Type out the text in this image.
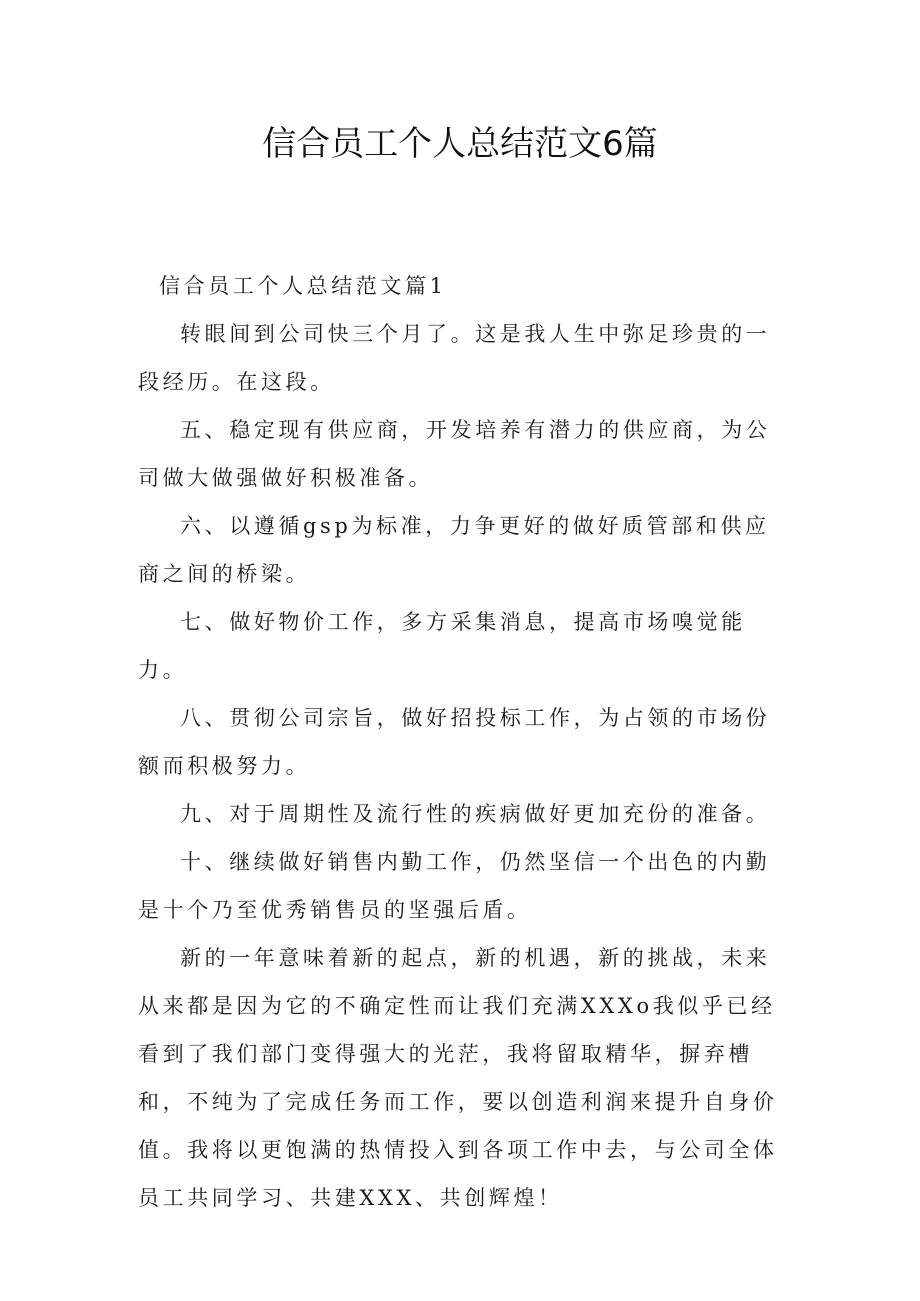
信合员工个人总结范文6篇

信合员工个人总结范文篇1

转眼间到公司快三个月了。这是我人生中弥足珍贵的一段经历。在这段。

五、稳定现有供应商，开发培养有潜力的供应商，为公司做大做强做好积极准备。

六、以遵循gsp为标准，力争更好的做好质管部和供应商之间的桥梁。

七、做好物价工作，多方采集消息，提高市场嗅觉能力。

八、贯彻公司宗旨，做好招投标工作，为占领的市场份额而积极努力。

九、对于周期性及流行性的疾病做好更加充份的准备。

十、继续做好销售内勤工作，仍然坚信一个出色的内勤是十个乃至优秀销售员的坚强后盾。

新的一年意味着新的起点，新的机遇，新的挑战，未来从来都是因为它的不确定性而让我们充满XXXo我似乎已经看到了我们部门变得强大的光茫，我将留取精华，摒弃槽和，不纯为了完成任务而工作，要以创造利润来提升自身价值。我将以更饱满的热情投入到各项工作中去，与公司全体员工共同学习、共建XXX、共创辉煌！
